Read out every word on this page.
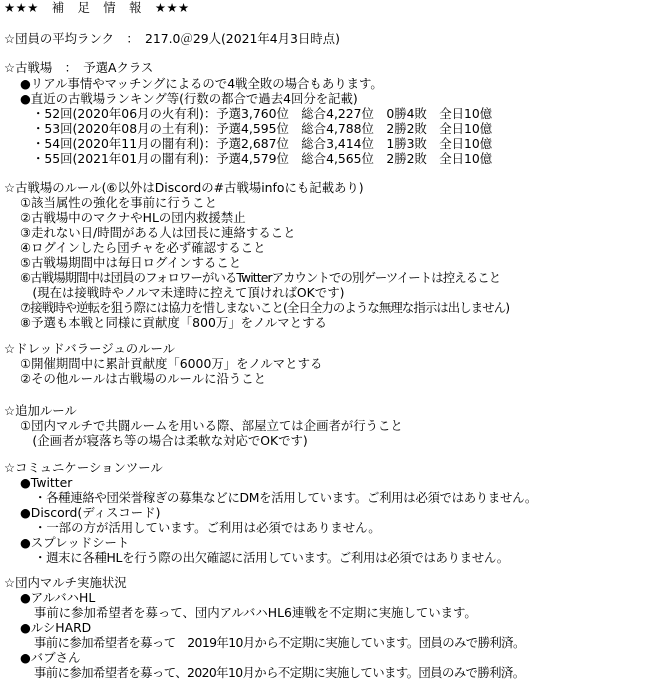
★★★　補　足　情　報　★★★
☆団員の平均ランク　：　217.0＠29人(2021年4月3日時点)
☆古戦場　：　予選Aクラス
●リアル事情やマッチングによるので4戦全敗の場合もあります。
●直近の古戦場ランキング等(行数の都合で過去4回分を記載)
・52回(2020年06月の火有利)：予選3,760位　総合4,227位　0勝4敗　全日10億
・53回(2020年08月の土有利)：予選4,595位　総合4,788位　2勝2敗　全日10億
・54回(2020年11月の闇有利)：予選2,687位　総合3,414位　1勝3敗　全日10億
・55回(2021年01月の闇有利)：予選4,579位　総合4,565位　2勝2敗　全日10億
☆古戦場のルール(⑥以外はDiscordの#古戦場infoにも記載あり)
①該当属性の強化を事前に行うこと
②古戦場中のマクナやHLの団内救援禁止
③走れない日/時間がある人は団長に連絡すること
④ログインしたら団チャを必ず確認すること
⑤古戦場期間中は毎日ログインすること
⑥古戦場期間中は団員のフォロワーがいるTwitterアカウントでの別ゲーツイートは控えること
　(現在は接戦時やノルマ未達時に控えて頂ければOKです)
⑦接戦時や逆転を狙う際には協力を惜しまないこと(全日全力のような無理な指示は出しません)
⑧予選も本戦と同様に貢献度「800万」をノルマとする
☆ドレッドバラージュのルール
①開催期間中に累計貢献度「6000万」をノルマとする
②その他ルールは古戦場のルールに沿うこと
☆追加ルール
①団内マルチで共闘ルームを用いる際、部屋立ては企画者が行うこと
　(企画者が寝落ち等の場合は柔軟な対応でOKです)
☆コミュニケーションツール
●Twitter
・各種連絡や団栄誉稼ぎの募集などにDMを活用しています。ご利用は必須ではありません。
●Discord(ディスコード)
・一部の方が活用しています。ご利用は必須ではありません。
●スプレッドシート
・週末に各種HLを行う際の出欠確認に活用しています。ご利用は必須ではありません。
☆団内マルチ実施状況
●アルバハHL
事前に参加希望者を募って、団内アルバハHL6連戦を不定期に実施しています。
●ルシHARD
事前に参加希望者を募って　2019年10月から不定期に実施しています。団員のみで勝利済。
●バブさん
事前に参加希望者を募って、2020年10月から不定期に実施しています。団員のみで勝利済。
